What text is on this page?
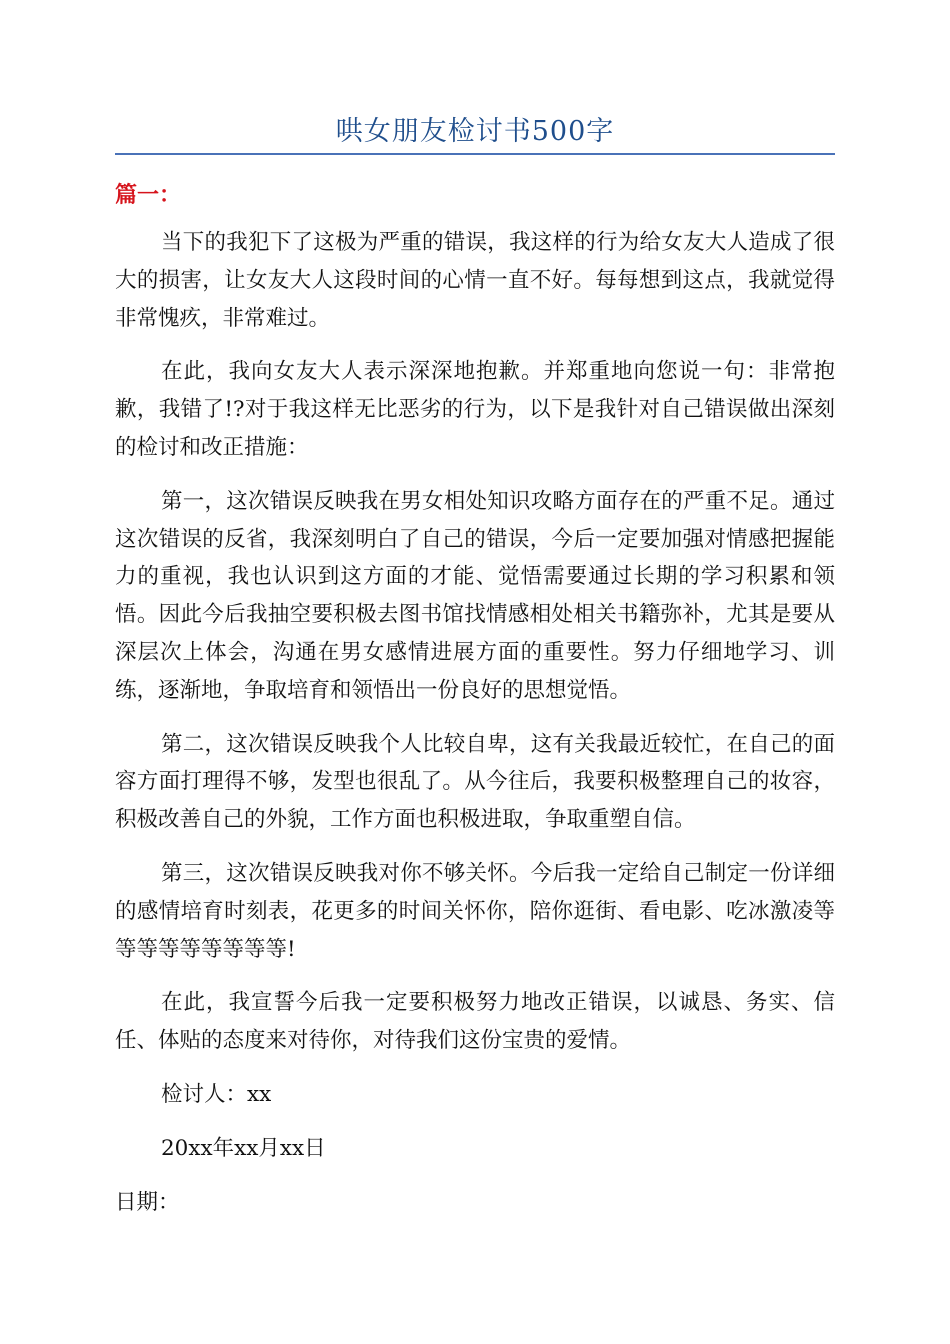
哄女朋友检讨书500字
篇一：

当下的我犯下了这极为严重的错误，我这样的行为给女友大人造成了很大的损害，让女友大人这段时间的心情一直不好。每每想到这点，我就觉得非常愧疚，非常难过。

在此，我向女友大人表示深深地抱歉。并郑重地向您说一句：非常抱歉，我错了!?对于我这样无比恶劣的行为，以下是我针对自己错误做出深刻的检讨和改正措施：

第一，这次错误反映我在男女相处知识攻略方面存在的严重不足。通过这次错误的反省，我深刻明白了自己的错误，今后一定要加强对情感把握能力的重视，我也认识到这方面的才能、觉悟需要通过长期的学习积累和领悟。因此今后我抽空要积极去图书馆找情感相处相关书籍弥补，尤其是要从深层次上体会，沟通在男女感情进展方面的重要性。努力仔细地学习、训练，逐渐地，争取培育和领悟出一份良好的思想觉悟。

第二，这次错误反映我个人比较自卑，这有关我最近较忙，在自己的面容方面打理得不够，发型也很乱了。从今往后，我要积极整理自己的妆容，积极改善自己的外貌，工作方面也积极进取，争取重塑自信。

第三，这次错误反映我对你不够关怀。今后我一定给自己制定一份详细的感情培育时刻表，花更多的时间关怀你，陪你逛街、看电影、吃冰激凌等等等等等等等等等!

在此，我宣誓今后我一定要积极努力地改正错误，以诚恳、务实、信任、体贴的态度来对待你，对待我们这份宝贵的爱情。

检讨人：xx

20xx年xx月xx日

日期：
